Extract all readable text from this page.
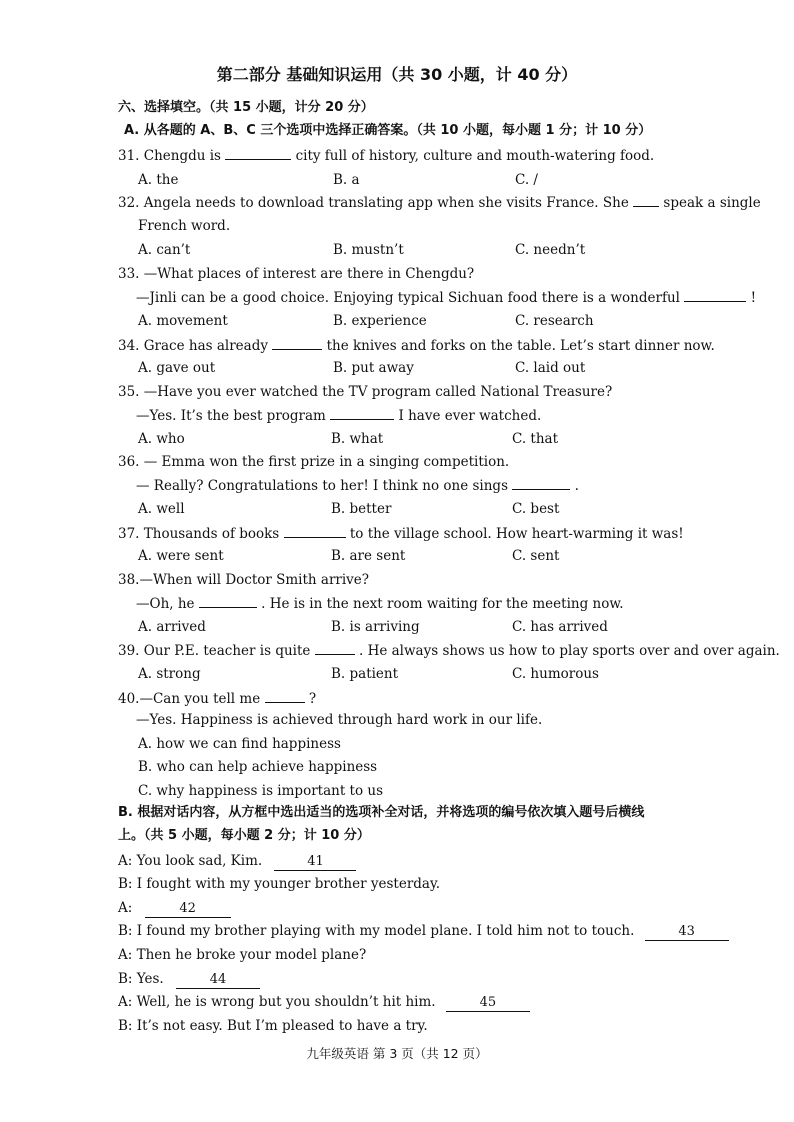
第二部分 基础知识运用（共 30 小题，计 40 分）
六、选择填空。（共 15 小题，计分 20 分）
A. 从各题的 A、B、C 三个选项中选择正确答案。（共 10 小题，每小题 1 分；计 10 分）
31. Chengdu is	city full of history, culture and mouth-watering food.
A. the	B. a	C. /
32. Angela needs to download translating app when she visits France. She	speak a single
French word.
A. can’t	B. mustn’t	C. needn’t
33. —What places of interest are there in Chengdu?
—Jinli can be a good choice. Enjoying typical Sichuan food there is a wonderful	!
A. movement	B. experience	C. research
34. Grace has already	the knives and forks on the table. Let’s start dinner now.
A. gave out	B. put away	C. laid out
35. —Have you ever watched the TV program called National Treasure?
—Yes. It’s the best program	I have ever watched.
A. who	B. what	C. that
36. — Emma won the first prize in a singing competition.
— Really? Congratulations to her! I think no one sings	.
A. well	B. better	C. best
37. Thousands of books	to the village school. How heart-warming it was!
A. were sent	B. are sent	C. sent
38.—When will Doctor Smith arrive?
—Oh, he	. He is in the next room waiting for the meeting now.
A. arrived	B. is arriving	C. has arrived
39. Our P.E. teacher is quite	. He always shows us how to play sports over and over again.
A. strong	B. patient	C. humorous
40.—Can you tell me	?
—Yes. Happiness is achieved through hard work in our life.
A. how we can find happiness
B. who can help achieve happiness
C. why happiness is important to us
B. 根据对话内容，从方框中选出适当的选项补全对话，并将选项的编号依次填入题号后横线
上。（共 5 小题，每小题 2 分；计 10 分）
A: You look sad, Kim.	41
B: I fought with my younger brother yesterday.
A:	42
B: I found my brother playing with my model plane. I told him not to touch.	43
A: Then he broke your model plane?
B: Yes.	44
A: Well, he is wrong but you shouldn’t hit him.	45
B: It’s not easy. But I’m pleased to have a try.
九年级英语 第 3 页（共 12 页）
